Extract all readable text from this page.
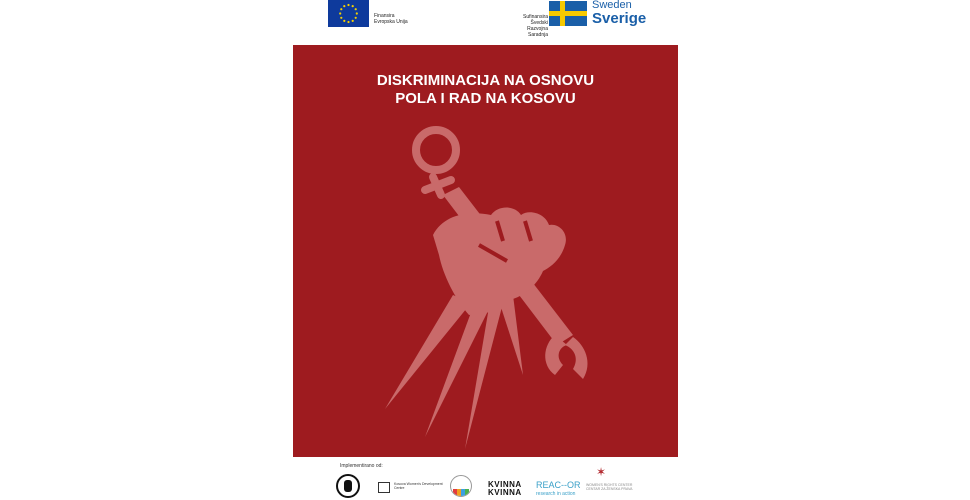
Finansira
Evropska Unija
Sufinansira Švedski
Razvojna Saradnja
Sweden
Sverige
DISKRIMINACIJA NA OSNOVU
POLA I RAD NA KOSOVU
Implementirano od:
Kosova Women's Development Centre	KVINNA
KVINNA
REAC--OR
research in action
✶
WOMEN'S RIGHTS CENTER
CENTAR ZA ŽENSKA PRAVA
